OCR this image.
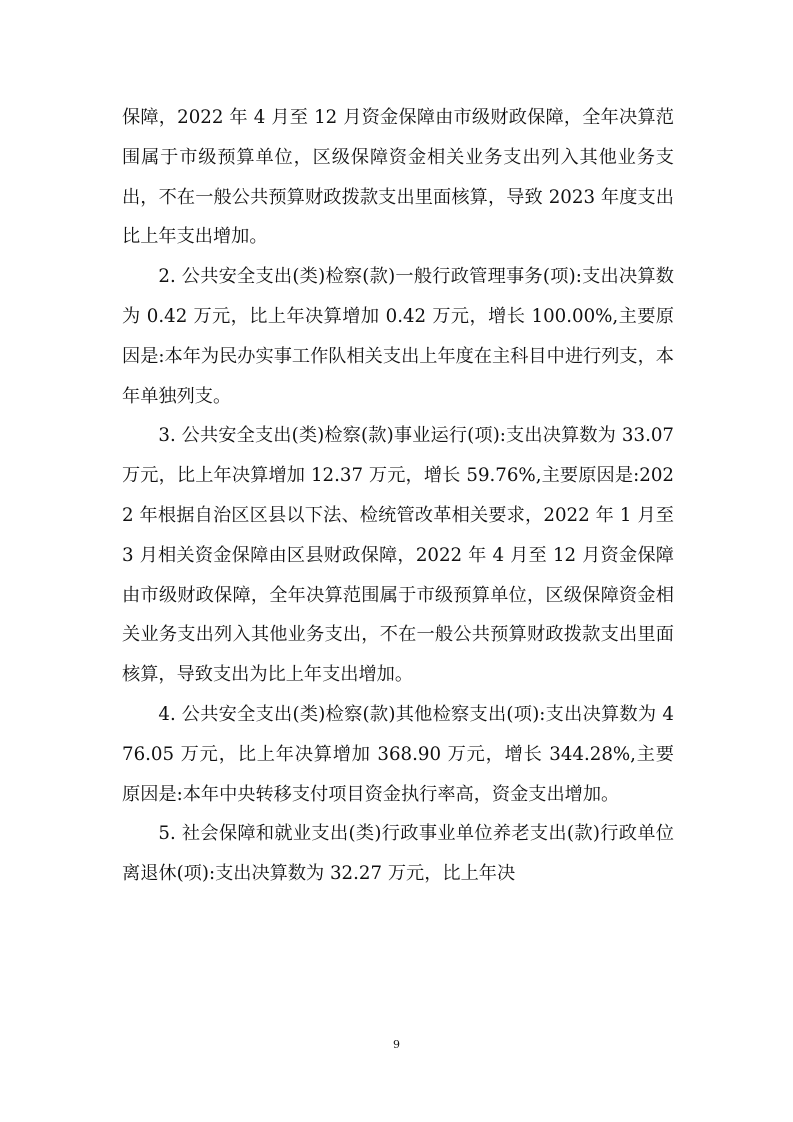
保障，2022 年 4 月至 12 月资金保障由市级财政保障，全年决算范围属于市级预算单位，区级保障资金相关业务支出列入其他业务支出，不在一般公共预算财政拨款支出里面核算，导致 2023 年度支出比上年支出增加。

2. 公共安全支出(类)检察(款)一般行政管理事务(项):支出决算数为 0.42 万元，比上年决算增加 0.42 万元，增长 100.00%,主要原因是:本年为民办实事工作队相关支出上年度在主科目中进行列支，本年单独列支。

3. 公共安全支出(类)检察(款)事业运行(项):支出决算数为 33.07 万元，比上年决算增加 12.37 万元，增长 59.76%,主要原因是:2022 年根据自治区区县以下法、检统管改革相关要求，2022 年 1 月至 3 月相关资金保障由区县财政保障，2022 年 4 月至 12 月资金保障由市级财政保障，全年决算范围属于市级预算单位，区级保障资金相关业务支出列入其他业务支出，不在一般公共预算财政拨款支出里面核算，导致支出为比上年支出增加。

4. 公共安全支出(类)检察(款)其他检察支出(项):支出决算数为 476.05 万元，比上年决算增加 368.90 万元，增长 344.28%,主要原因是:本年中央转移支付项目资金执行率高，资金支出增加。

5. 社会保障和就业支出(类)行政事业单位养老支出(款)行政单位离退休(项):支出决算数为 32.27 万元，比上年决

9
